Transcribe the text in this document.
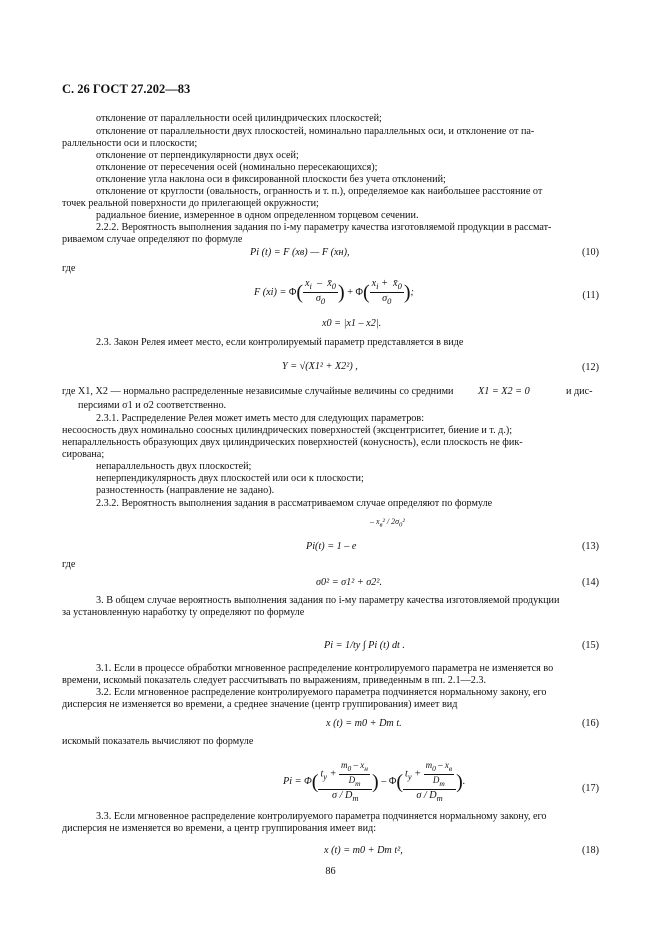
С. 26 ГОСТ 27.202—83
отклонение от параллельности осей цилиндрических плоскостей;
отклонение от параллельности двух плоскостей, номинально параллельных оси, и отклонение от па-
раллельности оси и плоскости;
отклонение от перпендикулярности двух осей;
отклонение от пересечения осей (номинально пересекающихся);
отклонение угла наклона оси в фиксированной плоскости без учета отклонений;
отклонение от круглости (овальность, огранность и т. п.), определяемое как наибольшее расстояние от
точек реальной поверхности до прилегающей окружности;
радиальное биение, измеренное в одном определенном торцевом сечении.
2.2.2. Вероятность выполнения задания по i-му параметру качества изготовляемой продукции в рассмат-
риваемом случае определяют по формуле
Pi (t) = F (xв) — F (xн),	(10)
где
F $(xi) = \Phi( \frac{x_i - x̄_0}{\sigma_0}$ ) + $\Phi( \frac{x_i + x̄_0}{\sigma_0}$ );	(11)
x0 = |x1 – x2|.
2.3. Закон Релея имеет место, если контролируемый параметр представляется в виде
Y = √(X1² + X2²) ,	(12)
где X1, X2 — нормально распределенные независимые случайные величины со средними X1 = X2 = 0	и дис-
персиями σ1 и σ2 соответственно.
2.3.1. Распределение Релея может иметь место для следующих параметров:
несоосность двух номинально соосных цилиндрических поверхностей (эксцентриситет, биение и т. д.);
непараллельность образующих двух цилиндрических поверхностей (конусность), если плоскость не фик-
сирована;
непараллельность двух плоскостей;
неперпендикулярность двух плоскостей или оси к плоскости;
разностенность (направление не задано).
2.3.2. Вероятность выполнения задания в рассматриваемом случае определяют по формуле
– $x_в^2 / 2\sigma_0^2$
Pi(t) = 1 – e	(13)
где
σ0² = σ1² + σ2².	(14)
3. В общем случае вероятность выполнения задания по i-му параметру качества изготовляемой продукции
за установленную наработку tу определяют по формуле
Pi = 1/tу ∫ Pi (t) dt .	(15)
3.1. Если в процессе обработки мгновенное распределение контролируемого параметра не изменяется во
времени, искомый показатель следует рассчитывать по выражениям, приведенным в пп. 2.1—2.3.
3.2. Если мгновенное распределение контролируемого параметра подчиняется нормальному закону, его
дисперсия не изменяется во времени, а среднее значение (центр группирования) имеет вид
x (t) = m0 + Dm t.	(16)
искомый показатель вычисляют по формуле
$Pi = \Phi( \frac{t_у + \frac{m_0 - x_н}{D_m}}{\sigma / D_m}$ ) – $\Phi( \frac{t_у + \frac{m_0 - x_в}{D_m}}{\sigma / D_m}$ ).
(17)
3.3. Если мгновенное распределение контролируемого параметра подчиняется нормальному закону, его
дисперсия не изменяется во времени, а центр группирования имеет вид:
x (t) = m0 + Dm t²,	(18)
86
